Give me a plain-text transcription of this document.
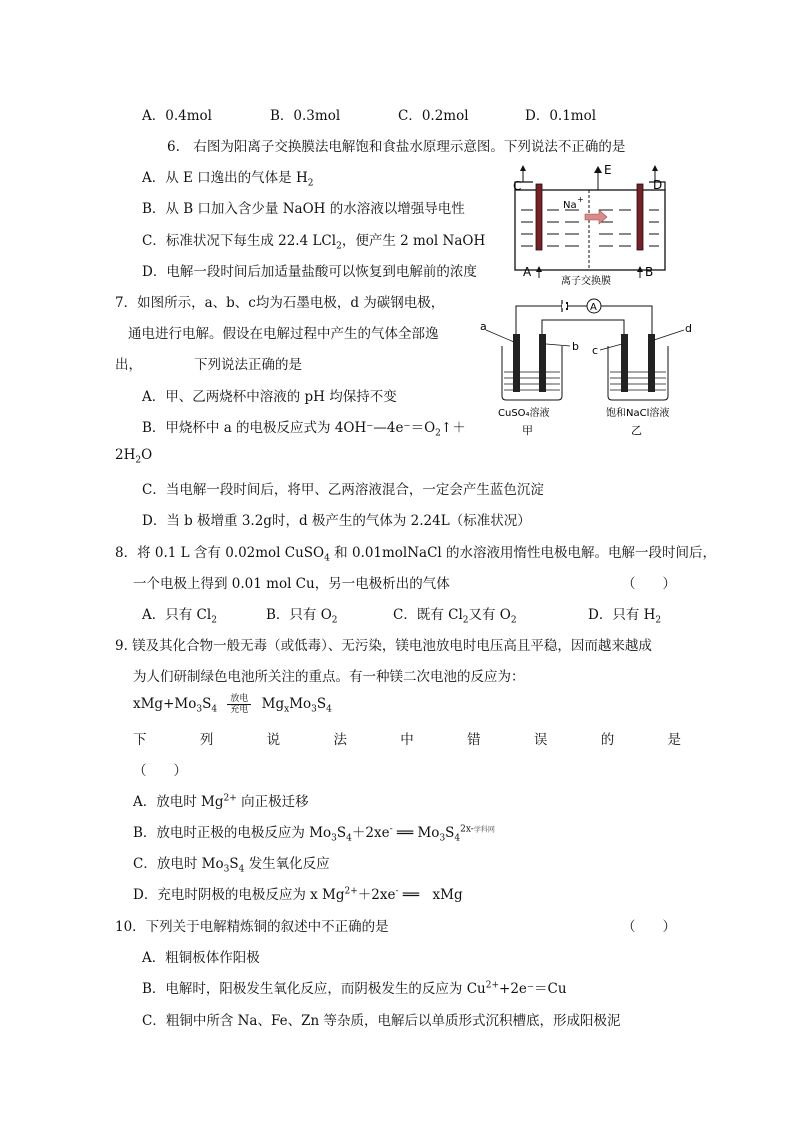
A．0.4mol	B．0.3mol	C．0.2mol	D．0.1mol
6.　右图为阳离子交换膜法电解饱和食盐水原理示意图。下列说法不正确的是
A．从 E 口逸出的气体是 $H_2$
B．从 B 口加入含少量 NaOH 的水溶液以增强导电性
C．标准状况下每生成 22.4 LCl$_2$，便产生 2 mol NaOH
D．电解一段时间后加适量盐酸可以恢复到电解前的浓度
C
E
D
A	B
Na
+
离子交换膜
7．如图所示，a、b、c均为石墨电极，d 为碳钢电极，
通电进行电解。假设在电解过程中产生的气体全部逸
出，	下列说法正确的是
A．甲、乙两烧杯中溶液的 pH 均保持不变
B．甲烧杯中 a 的电极反应式为 $4OH^-—4e^-=O_2↑+$
$2H_2O$
C．当电解一段时间后，将甲、乙两溶液混合，一定会产生蓝色沉淀
D．当 b 极增重 3.2g时，d 极产生的气体为 2.24L（标准状况）
A
a
b c
d
CuSO₄溶液
甲
饱和NaCl溶液
乙
8．将 0.1 L 含有 0.02mol CuSO$_4$ 和 0.01molNaCl 的水溶液用惰性电极电解。电解一段时间后，
一个电极上得到 0.01 mol Cu，另一电极析出的气体	（　　）
A．只有 $Cl_2$	B．只有 $O_2$	C．既有 $Cl_2$又有 $O_2$	D．只有 $H_2$
9. 镁及其化合物一般无毒（或低毒）、无污染，镁电池放电时电压高且平稳，因而越来越成
为人们研制绿色电池所关注的重点。有一种镁二次电池的反应为：
$xMg+Mo_3S_4 \frac{\text{放电}}{\text{充电}} Mg_xMo_3S_4$
下	列	说	法	中	错	误	的	是
（　　）
A．放电时 $Mg^{2+}$ 向正极迁移
B．放电时正极的电极反应为 $Mo_3S_4+2xe^-$ ══ $Mo_3S_4^{2x-学科网}$
C．放电时 $Mo_3S_4$ 发生氧化反应
D．充电时阴极的电极反应为 x $Mg^{2+}+2xe^-$ ══　xMg
10．下列关于电解精炼铜的叙述中不正确的是	（　　）
A．粗铜板体作阳极
B．电解时，阳极发生氧化反应，而阴极发生的反应为 $Cu^{2+}+2e^-=Cu$
C．粗铜中所含 Na、Fe、Zn 等杂质，电解后以单质形式沉积槽底，形成阳极泥
